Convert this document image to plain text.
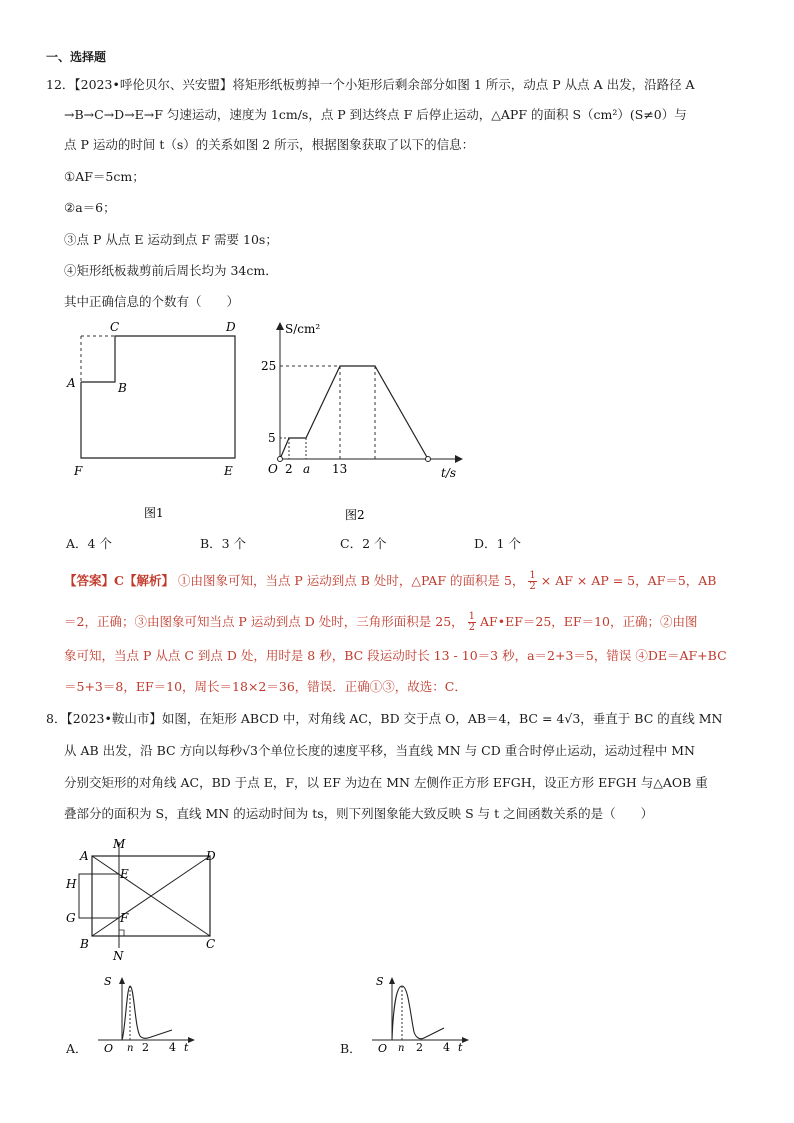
一、选择题
12．【2023•呼伦贝尔、兴安盟】将矩形纸板剪掉一个小矩形后剩余部分如图 1 所示，动点 P 从点 A 出发，沿路径 A
→B→C→D→E→F 匀速运动，速度为 1cm/s，点 P 到达终点 F 后停止运动，△APF 的面积 S（cm²）(S≠0）与
点 P 运动的时间 t（s）的关系如图 2 所示，根据图象获取了以下的信息：
①AF＝5cm；
②a＝6；
③点 P 从点 E 运动到点 F 需要 10s；
④矩形纸板裁剪前后周长均为 34cm．
其中正确信息的个数有（　　）
A	B
C	D
E
F
图1
S/cm²
t/s
O
25
5
2 a 13
图2
A．4 个	B．3 个	C．2 个	D．1 个
【答案】C【解析】 ①由图象可知，当点 P 运动到点 B 处时，△PAF 的面积是 5， $\frac{1}{2}$ × AF × AP = 5，AF＝5，AB
＝2，正确；③由图象可知当点 P 运动到点 D 处时，三角形面积是 25， $\frac{1}{2}$ AF•EF＝25，EF＝10，正确；②由图
象可知，当点 P 从点 C 到点 D 处，用时是 8 秒，BC 段运动时长 13 - 10＝3 秒，a＝2+3＝5，错误 ④DE＝AF+BC
＝5+3＝8，EF＝10，周长＝18×2＝36，错误．正确①③，故选：C．
8．【2023•鞍山市】如图，在矩形 ABCD 中，对角线 AC，BD 交于点 O，AB＝4，BC = 4√3，垂直于 BC 的直线 MN
从 AB 出发，沿 BC 方向以每秒√3个单位长度的速度平移，当直线 MN 与 CD 重合时停止运动，运动过程中 MN
分别交矩形的对角线 AC，BD 于点 E，F，以 EF 为边在 MN 左侧作正方形 EFGH，设正方形 EFGH 与△AOB 重
叠部分的面积为 S，直线 MN 的运动时间为 ts，则下列图象能大致反映 S 与 t 之间函数关系的是（　　）
A
B	C
D
E
F
G
H
M
N
A．
S
O n 2 4 t	B．
S
O n 2 4 t
